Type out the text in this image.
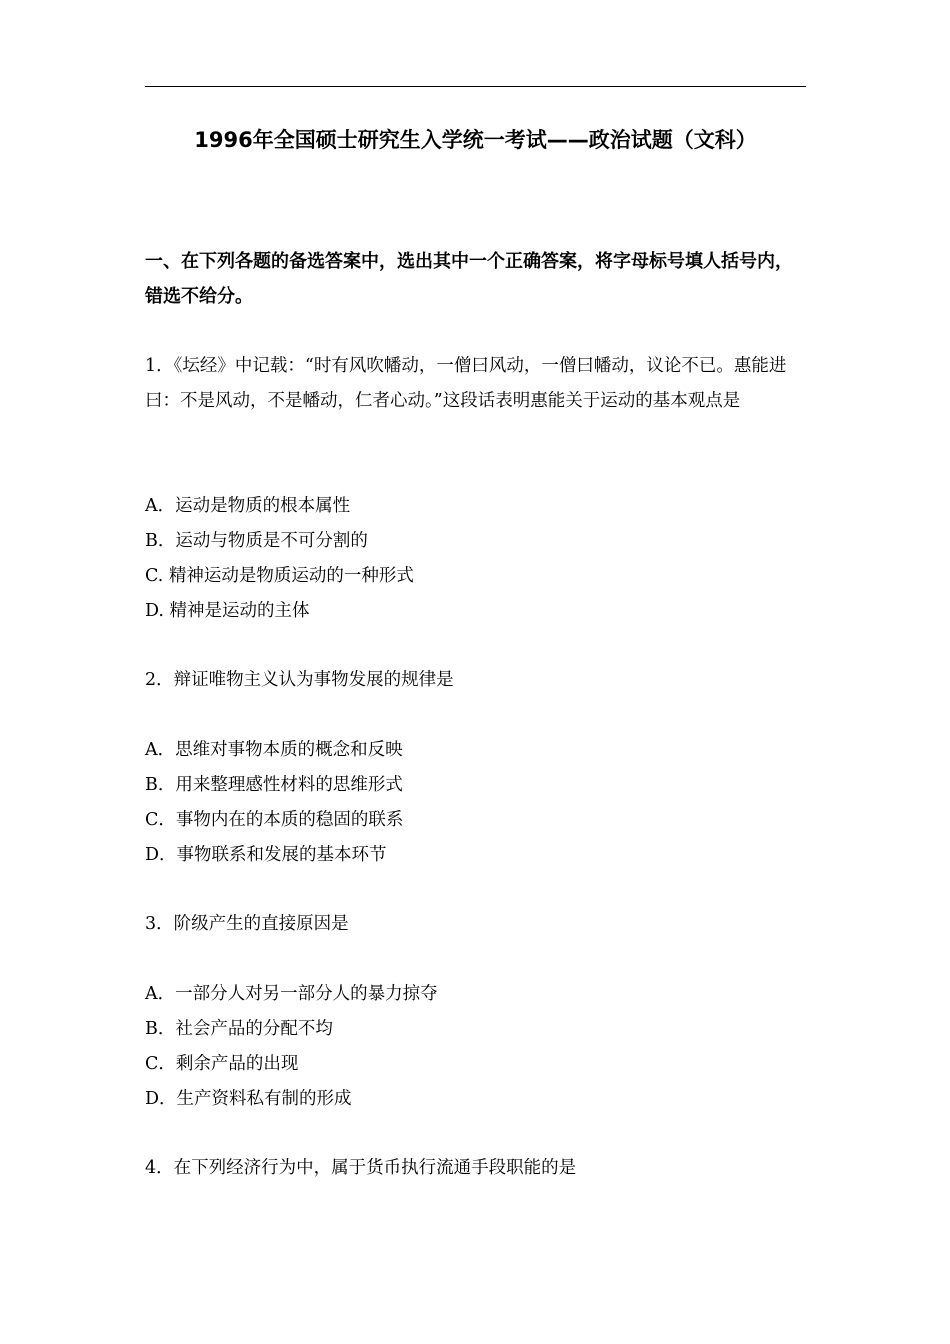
1996年全国硕士研究生入学统一考试——政治试题（文科）
一、在下列各题的备选答案中，选出其中一个正确答案，将字母标号填人括号内，错选不给分。
1．《坛经》中记载：“时有风吹幡动，一僧曰风动，一僧曰幡动，议论不已。惠能进曰：不是风动，不是幡动，仁者心动。”这段话表明惠能关于运动的基本观点是
A．运动是物质的根本属性
B．运动与物质是不可分割的
C. 精神运动是物质运动的一种形式
D. 精神是运动的主体
2．辩证唯物主义认为事物发展的规律是
A．思维对事物本质的概念和反映
B．用来整理感性材料的思维形式
C．事物内在的本质的稳固的联系
D．事物联系和发展的基本环节
3．阶级产生的直接原因是
A．一部分人对另一部分人的暴力掠夺
B．社会产品的分配不均
C．剩余产品的出现
D．生产资料私有制的形成
4．在下列经济行为中，属于货币执行流通手段职能的是
